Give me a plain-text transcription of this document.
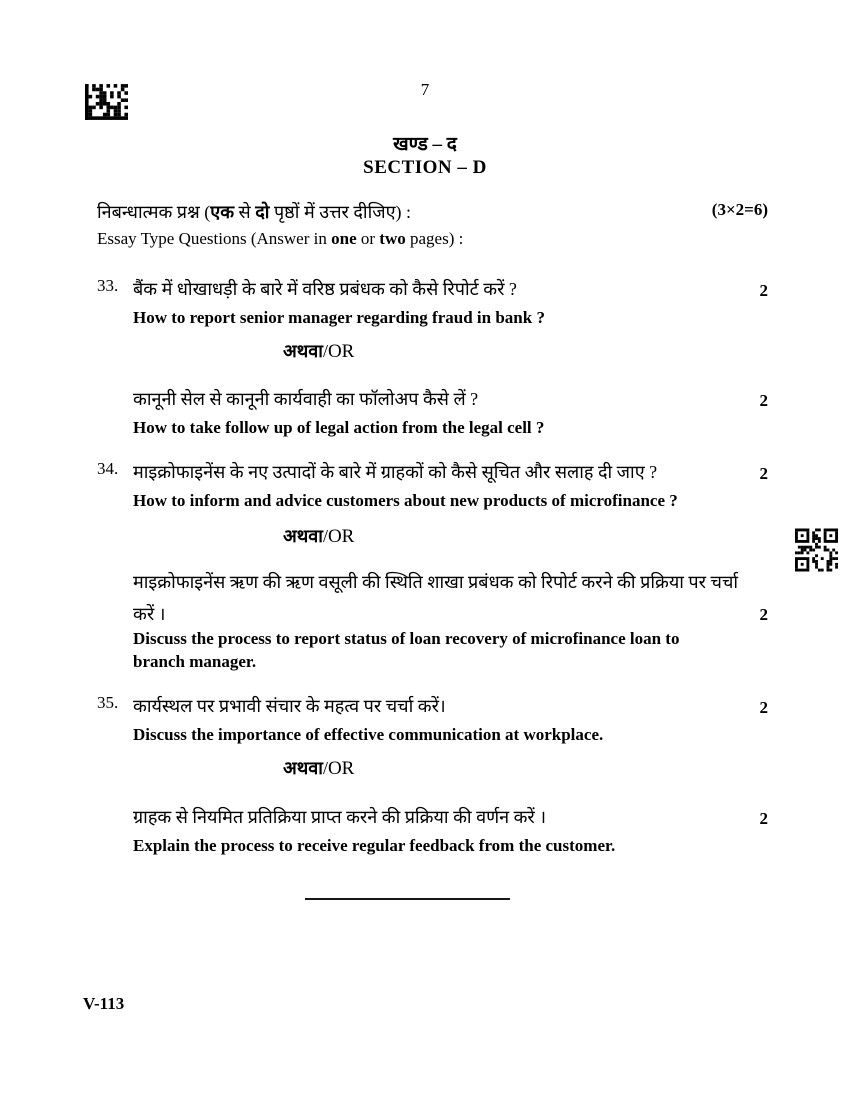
7
खण्ड – द
SECTION – D
निबन्धात्मक प्रश्न (एक से दो पृष्ठों में उत्तर दीजिए) :	(3×2=6)
Essay Type Questions (Answer in one or two pages) :
33. बैंक में धोखाधड़ी के बारे में वरिष्ठ प्रबंधक को कैसे रिपोर्ट करें ?	2
How to report senior manager regarding fraud in bank ?
अथवा/OR
कानूनी सेल से कानूनी कार्यवाही का फॉलोअप कैसे लें ?	2
How to take follow up of legal action from the legal cell ?
34. माइक्रोफाइनेंस के नए उत्पादों के बारे में ग्राहकों को कैसे सूचित और सलाह दी जाए ?	2
How to inform and advice customers about new products of microfinance ?
अथवा/OR
माइक्रोफाइनेंस ऋण की ऋण वसूली की स्थिति शाखा प्रबंधक को रिपोर्ट करने की प्रक्रिया पर चर्चा
करें ।	2
Discuss the process to report status of loan recovery of microfinance loan to
branch manager.
35. कार्यस्थल पर प्रभावी संचार के महत्व पर चर्चा करें।	2
Discuss the importance of effective communication at workplace.
अथवा/OR
ग्राहक से नियमित प्रतिक्रिया प्राप्त करने की प्रक्रिया की वर्णन करें ।	2
Explain the process to receive regular feedback from the customer.
V-113
